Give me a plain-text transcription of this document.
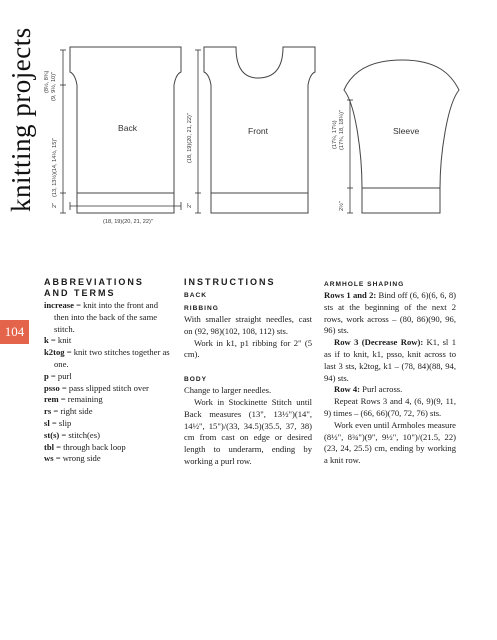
knitting projects
104
Back	Front	Sleeve
(18, 19)(20, 21, 22)"
(13, 13½)(14, 14½, 15)"
2"
(8½, 8¾) (9, 9½, 10)"
(18, 19)(20, 21, 22)"
2"
(17¼, 17½) (17¾, 18, 18¼)"
2½"
ABBREVIATIONS AND TERMS

increase = knit into the front and then into the back of the same stitch.

k = knit

k2tog = knit two stitches together as one.

p = purl

psso = pass slipped stitch over

rem = remaining

rs = right side

sl = slip

st(s) = stitch(es)

tbl = through back loop

ws = wrong side

INSTRUCTIONS
BACK
RIBBING

With smaller straight needles, cast on (92, 98)(102, 108, 112) sts.

Work in k1, p1 ribbing for 2" (5 cm).

BODY

Change to larger needles.

Work in Stockinette Stitch until Back measures (13", 13½")(14", 14½", 15")/(33, 34.5)(35.5, 37, 38) cm from cast on edge or desired length to underarm, ending by working a purl row.

ARMHOLE SHAPING

Rows 1 and 2: Bind off (6, 6)(6, 6, 8) sts at the beginning of the next 2 rows, work across – (80, 86)(90, 96, 96) sts.

Row 3 (Decrease Row): K1, sl 1 as if to knit, k1, psso, knit across to last 3 sts, k2tog, k1 – (78, 84)(88, 94, 94) sts.

Row 4: Purl across.

Repeat Rows 3 and 4, (6, 9)(9, 11, 9) times – (66, 66)(70, 72, 76) sts.

Work even until Armholes measure (8½", 8¾")(9", 9½", 10")/(21.5, 22)(23, 24, 25.5) cm, ending by working a knit row.
